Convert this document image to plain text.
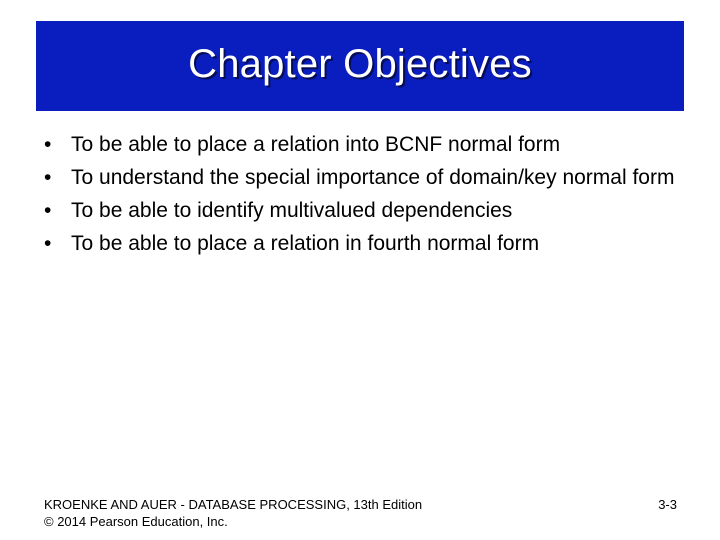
Chapter Objectives
• To be able to place a relation into BCNF normal form
• To understand the special importance of domain/key normal form
• To be able to identify multivalued dependencies
• To be able to place a relation in fourth normal form
KROENKE AND AUER - DATABASE PROCESSING, 13th Edition
© 2014 Pearson Education, Inc.
3-3
